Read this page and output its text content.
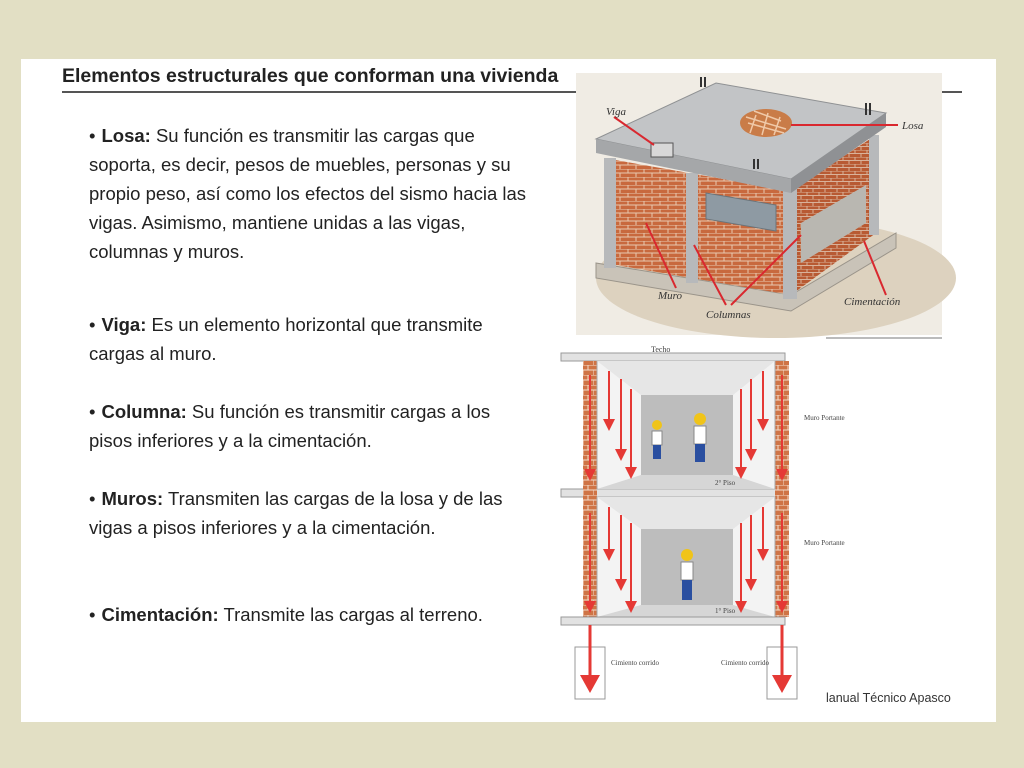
Elementos estructurales que conforman una vivienda
• Losa: Su función es transmitir las cargas que soporta, es decir, pesos de muebles, personas y su propio peso, así como los efectos del sismo hacia las vigas. Asimismo, mantiene unidas a las vigas, columnas y muros.
• Viga: Es un elemento horizontal que transmite cargas al muro.
• Columna: Su función es transmitir cargas a los pisos inferiores y a la cimentación.
• Muros: Transmiten las cargas de la losa y de las vigas a pisos inferiores y a la cimentación.
• Cimentación: Transmite las cargas al terreno.
Viga
Losa
Muro
Columnas
Cimentación
Techo
Muro Portante
Muro Portante
2° Piso
1° Piso
Cimiento corrido	Cimiento corrido
lanual Técnico Apasco
